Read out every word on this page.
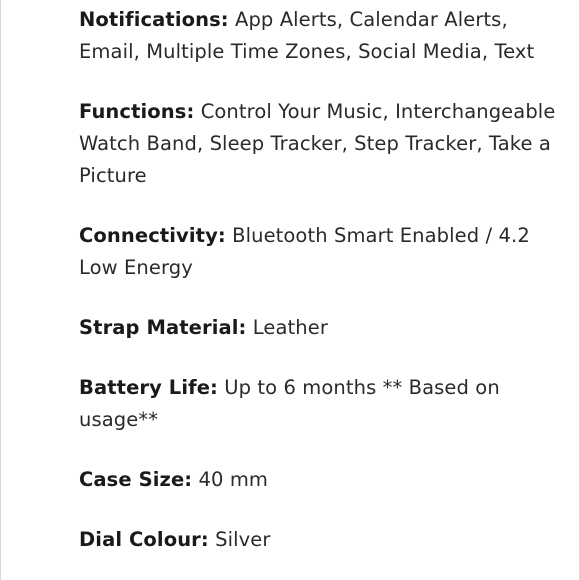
Notifications: App Alerts, Calendar Alerts, Email, Multiple Time Zones, Social Media, Text
Functions: Control Your Music, Interchangeable Watch Band, Sleep Tracker, Step Tracker, Take a Picture
Connectivity: Bluetooth Smart Enabled / 4.2 Low Energy
Strap Material: Leather
Battery Life: Up to 6 months ** Based on usage**
Case Size: 40 mm
Dial Colour: Silver
